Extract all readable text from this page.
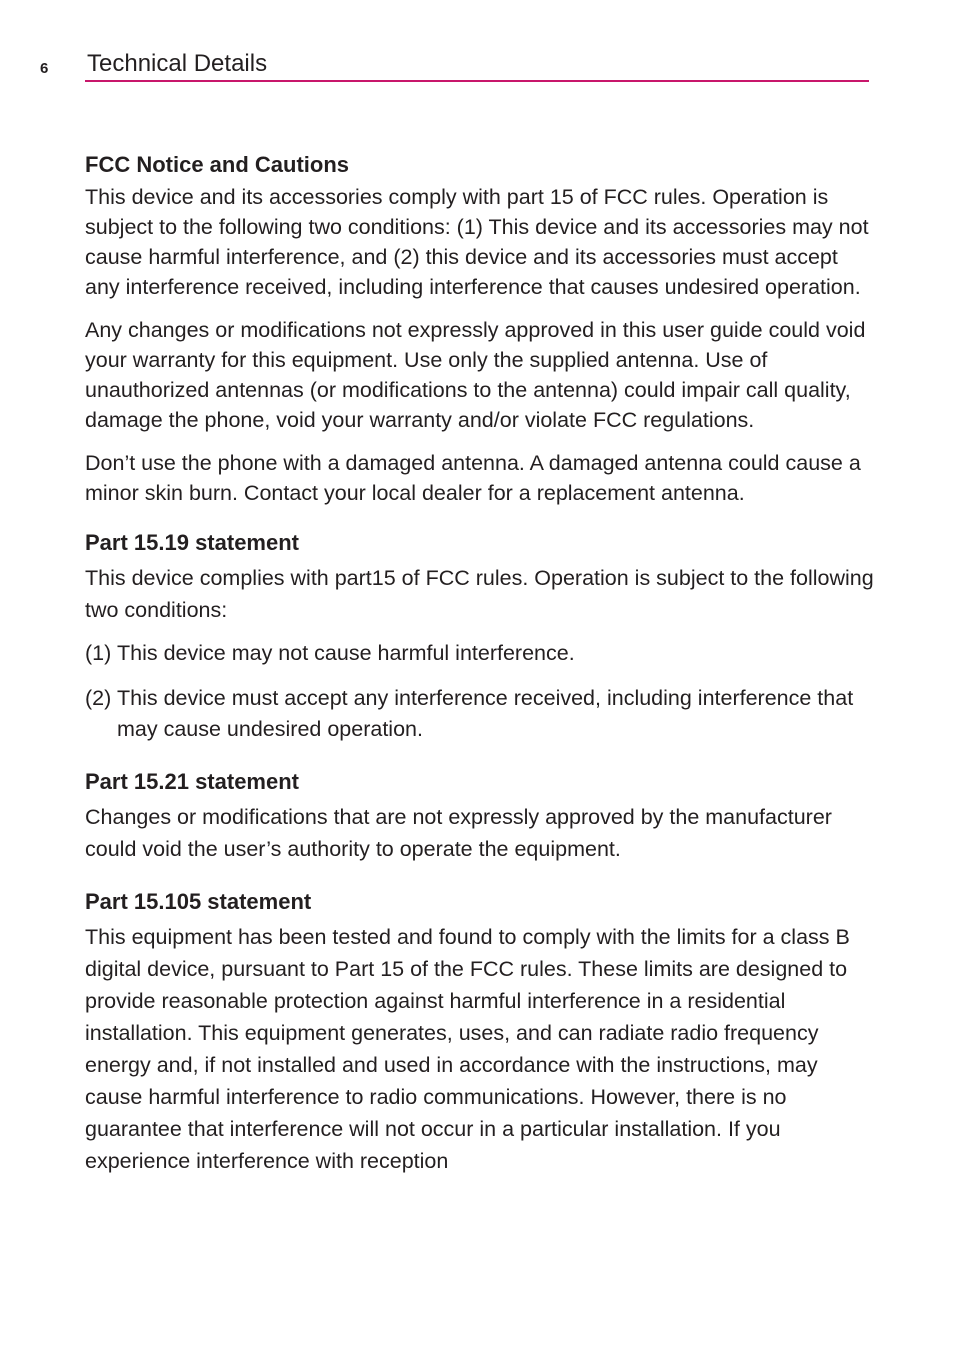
6 Technical Details
FCC Notice and Cautions

This device and its accessories comply with part 15 of FCC rules. Operation is subject to the following two conditions: (1) This device and its accessories may not cause harmful interference, and (2) this device and its accessories must accept any interference received, including interference that causes undesired operation.

Any changes or modifications not expressly approved in this user guide could void your warranty for this equipment. Use only the supplied antenna. Use of unauthorized antennas (or modifications to the antenna) could impair call quality, damage the phone, void your warranty and/or violate FCC regulations.

Don’t use the phone with a damaged antenna. A damaged antenna could cause a minor skin burn. Contact your local dealer for a replacement antenna.

Part 15.19 statement

This device complies with part15 of FCC rules. Operation is subject to the following two conditions:

(1) This device may not cause harmful interference.
(2) This device must accept any interference received, including interference that may cause undesired operation.
Part 15.21 statement

Changes or modifications that are not expressly approved by the manufacturer could void the user’s authority to operate the equipment.

Part 15.105 statement

This equipment has been tested and found to comply with the limits for a class B digital device, pursuant to Part 15 of the FCC rules. These limits are designed to provide reasonable protection against harmful interference in a residential installation. This equipment generates, uses, and can radiate radio frequency energy and, if not installed and used in accordance with the instructions, may cause harmful interference to radio communications. However, there is no guarantee that interference will not occur in a particular installation. If you experience interference with reception
